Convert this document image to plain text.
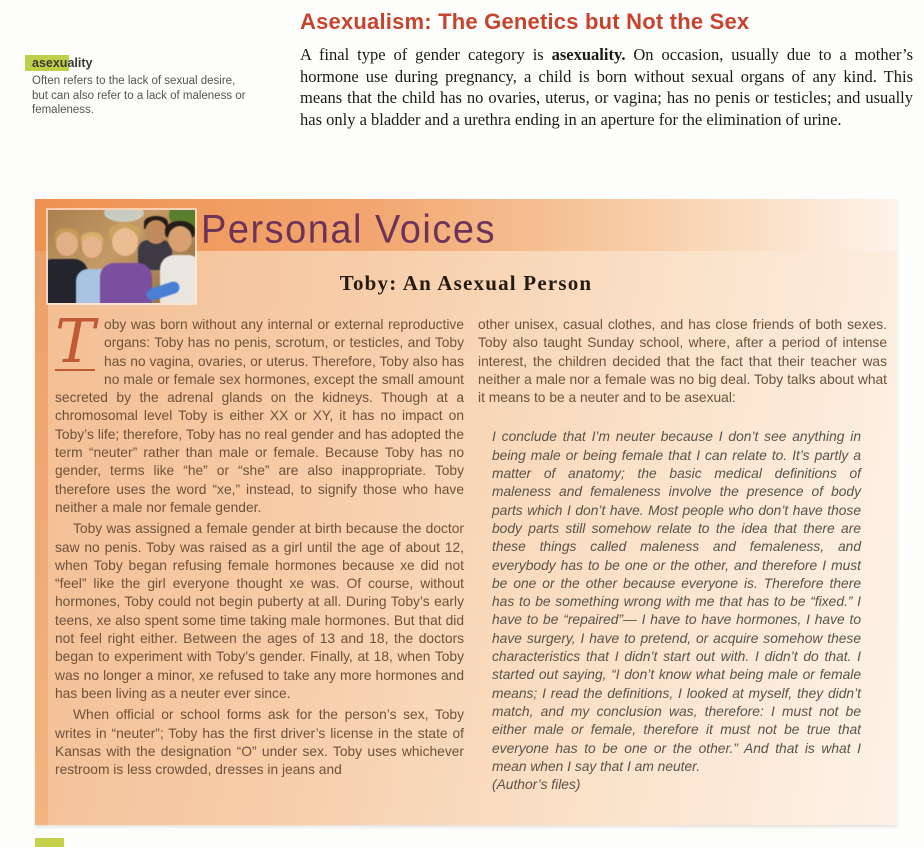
asexuality
Often refers to the lack of sexual desire, but can also refer to a lack of maleness or femaleness.
Asexualism: The Genetics but Not the Sex

A final type of gender category is asexuality. On occasion, usually due to a mother’s hormone use during pregnancy, a child is born without sexual organs of any kind. This means that the child has no ovaries, uterus, or vagina; has no penis or testicles; and usually has only a bladder and a urethra ending in an aperture for the elimination of urine.

Personal Voices
Toby: An Asexual Person

T oby was born without any internal or external reproductive organs: Toby has no penis, scrotum, or testicles, and Toby has no vagina, ovaries, or uterus. Therefore, Toby also has no male or female sex hormones, except the small amount secreted by the adrenal glands on the kidneys. Though at a chromosomal level Toby is either XX or XY, it has no impact on Toby’s life; therefore, Toby has no real gender and has adopted the term “neuter” rather than male or female. Because Toby has no gender, terms like “he” or “she” are also inappropriate. Toby therefore uses the word “xe,” instead, to signify those who have neither a male nor female gender.

Toby was assigned a female gender at birth because the doctor saw no penis. Toby was raised as a girl until the age of about 12, when Toby began refusing female hormones because xe did not “feel” like the girl everyone thought xe was. Of course, without hormones, Toby could not begin puberty at all. During Toby’s early teens, xe also spent some time taking male hormones. But that did not feel right either. Between the ages of 13 and 18, the doctors began to experiment with Toby’s gender. Finally, at 18, when Toby was no longer a minor, xe refused to take any more hormones and has been living as a neuter ever since.

When official or school forms ask for the person’s sex, Toby writes in “neuter”; Toby has the first driver’s license in the state of Kansas with the designation “O” under sex. Toby uses whichever restroom is less crowded, dresses in jeans and

other unisex, casual clothes, and has close friends of both sexes. Toby also taught Sunday school, where, after a period of intense interest, the children decided that the fact that their teacher was neither a male nor a female was no big deal. Toby talks about what it means to be a neuter and to be asexual:

I conclude that I’m neuter because I don’t see anything in being male or being female that I can relate to. It’s partly a matter of anatomy; the basic medical definitions of maleness and femaleness involve the presence of body parts which I don’t have. Most people who don’t have those body parts still somehow relate to the idea that there are these things called maleness and femaleness, and everybody has to be one or the other, and therefore I must be one or the other because everyone is. Therefore there has to be something wrong with me that has to be “fixed.” I have to be “repaired”— I have to have hormones, I have to have surgery, I have to pretend, or acquire somehow these characteristics that I didn’t start out with. I didn’t do that. I started out saying, “I don’t know what being male or female means; I read the definitions, I looked at myself, they didn’t match, and my conclusion was, therefore: I must not be either male or female, therefore it must not be true that everyone has to be one or the other.” And that is what I mean when I say that I am neuter.
(Author’s files)
